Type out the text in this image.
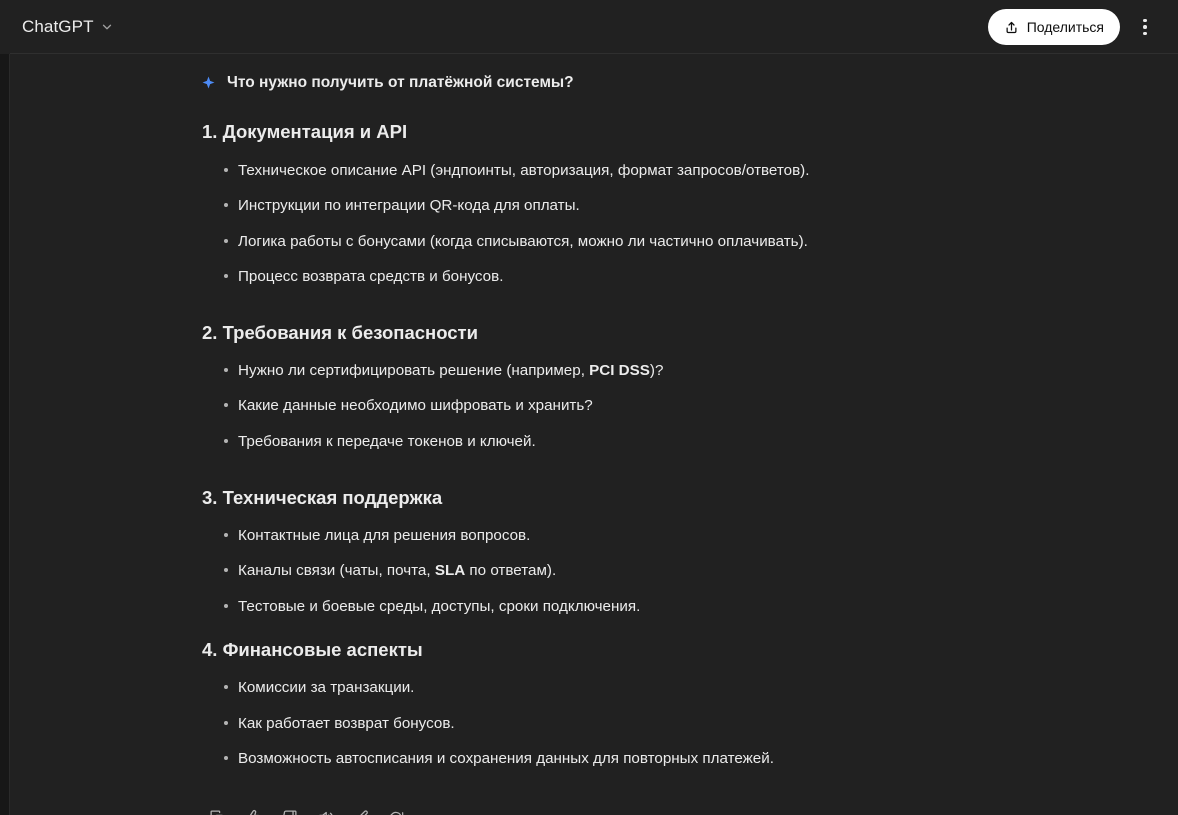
ChatGPT	Поделиться
Что нужно получить от платёжной системы?
1. Документация и API
Техническое описание API (эндпоинты, авторизация, формат запросов/ответов).
Инструкции по интеграции QR-кода для оплаты.
Логика работы с бонусами (когда списываются, можно ли частично оплачивать).
Процесс возврата средств и бонусов.
2. Требования к безопасности
Нужно ли сертифицировать решение (например, PCI DSS)?
Какие данные необходимо шифровать и хранить?
Требования к передаче токенов и ключей.
3. Техническая поддержка
Контактные лица для решения вопросов.
Каналы связи (чаты, почта, SLA по ответам).
Тестовые и боевые среды, доступы, сроки подключения.
4. Финансовые аспекты
Комиссии за транзакции.
Как работает возврат бонусов.
Возможность автосписания и сохранения данных для повторных платежей.
